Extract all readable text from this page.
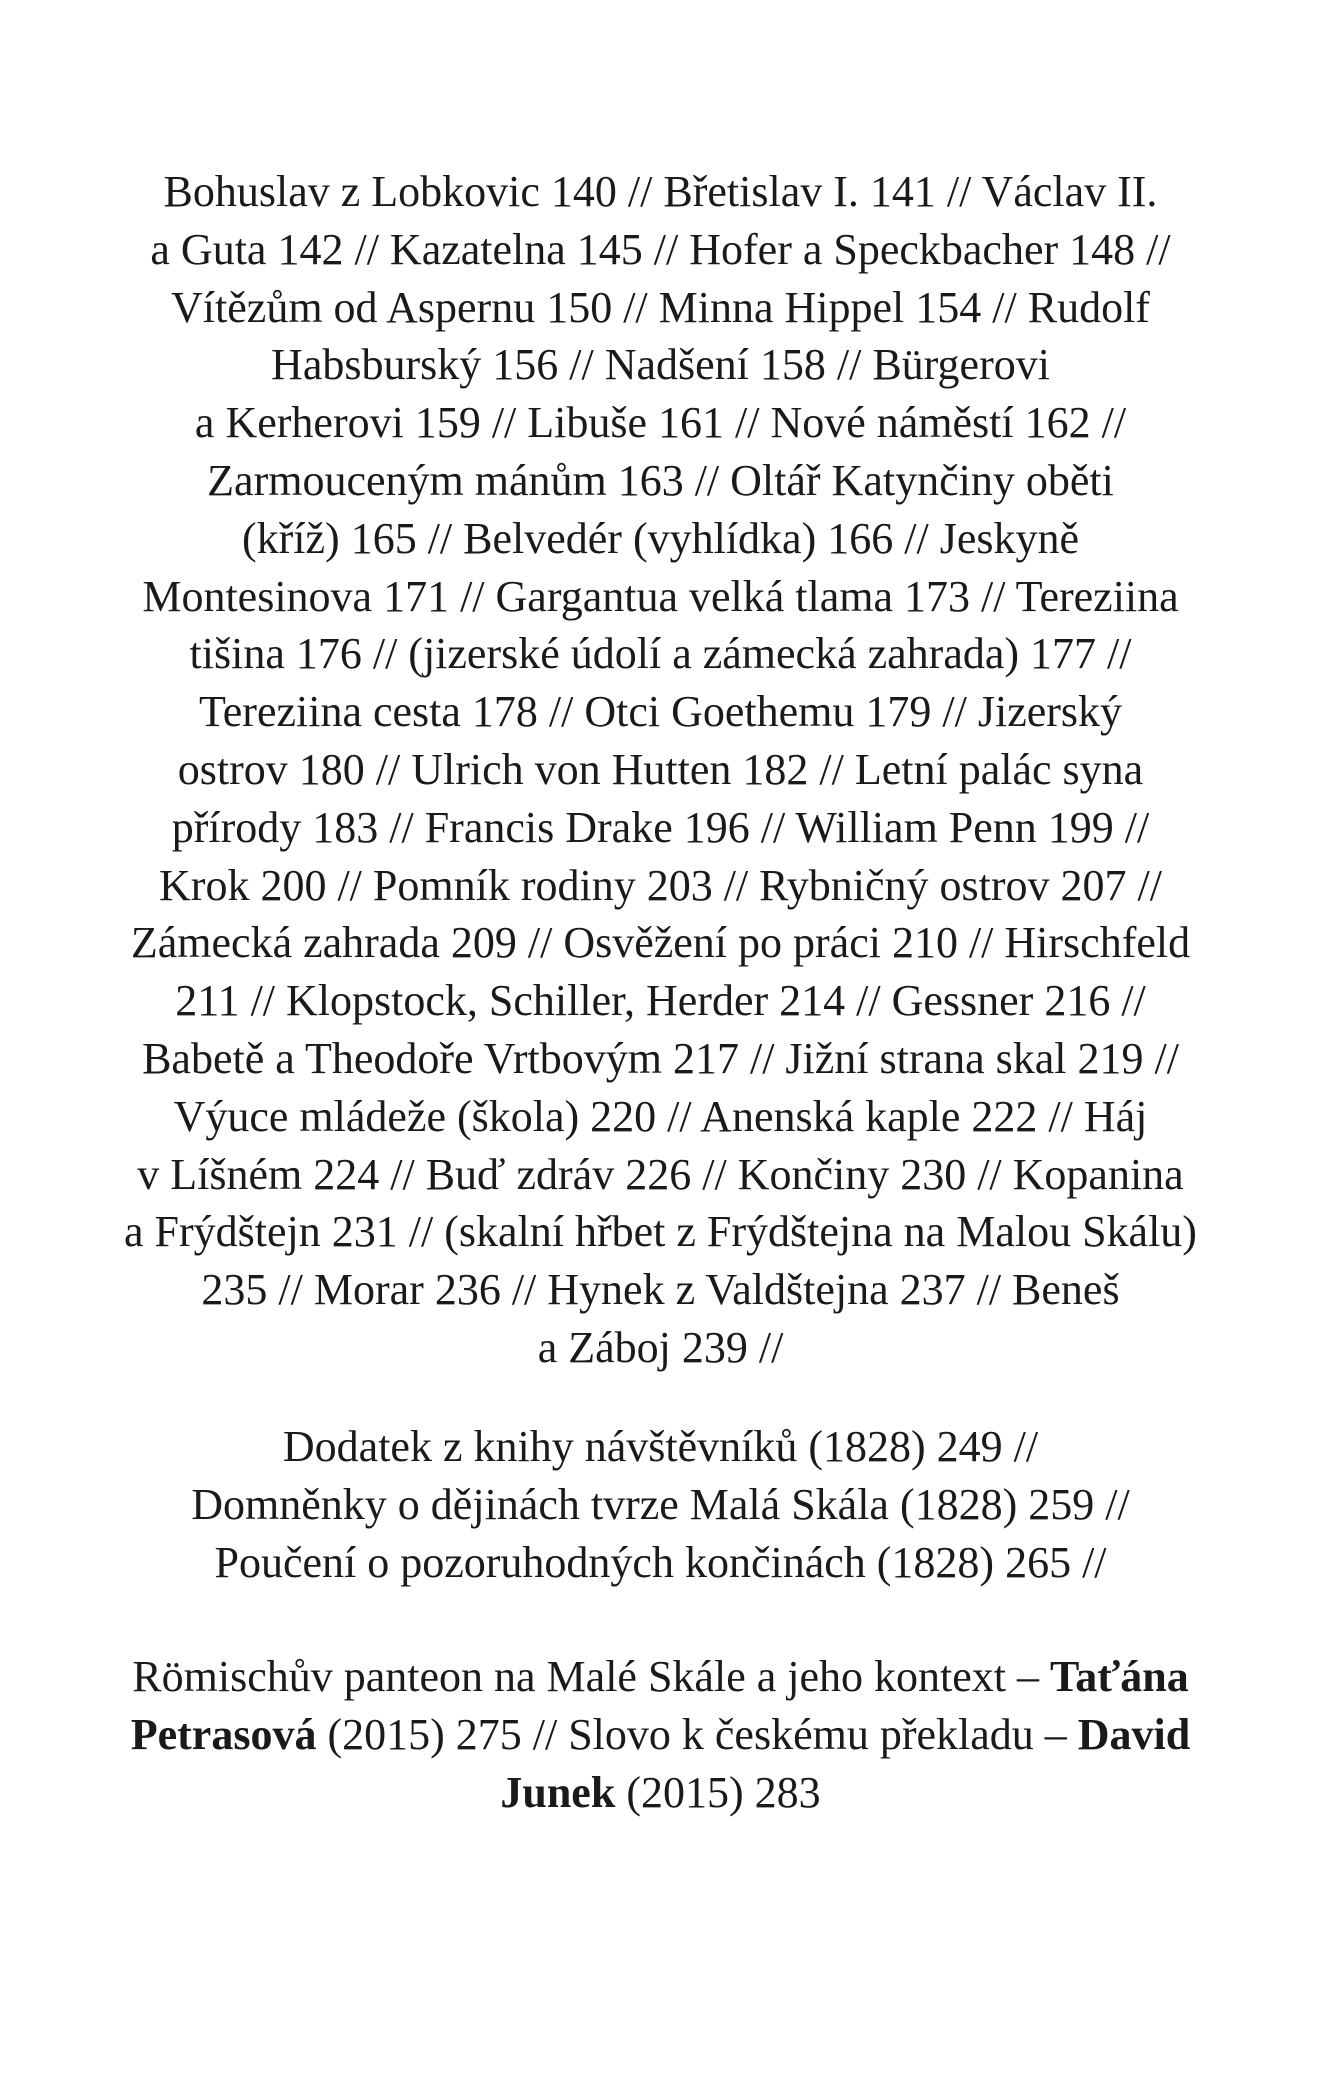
Bohuslav z Lobkovic 140 // Břetislav I. 141 // Václav II.
a Guta 142 // Kazatelna 145 // Hofer a Speckbacher 148 //
Vítězům od Aspernu 150 // Minna Hippel 154 // Rudolf
Habsburský 156 // Nadšení 158 // Bürgerovi
a Kerherovi 159 // Libuše 161 // Nové náměstí 162 //
Zarmouceným mánům 163 // Oltář Katynčiny oběti
(kříž) 165 // Belvedér (vyhlídka) 166 // Jeskyně
Montesinova 171 // Gargantua velká tlama 173 // Tereziina
tišina 176 // (jizerské údolí a zámecká zahrada) 177 //
Tereziina cesta 178 // Otci Goethemu 179 // Jizerský
ostrov 180 // Ulrich von Hutten 182 // Letní palác syna
přírody 183 // Francis Drake 196 // William Penn 199 //
Krok 200 // Pomník rodiny 203 // Rybničný ostrov 207 //
Zámecká zahrada 209 // Osvěžení po práci 210 // Hirschfeld
211 // Klopstock, Schiller, Herder 214 // Gessner 216 //
Babetě a Theodoře Vrtbovým 217 // Jižní strana skal 219 //
Výuce mládeže (škola) 220 // Anenská kaple 222 // Háj
v Líšném 224 // Buď zdráv 226 // Končiny 230 // Kopanina
a Frýdštejn 231 // (skalní hřbet z Frýdštejna na Malou Skálu)
235 // Morar 236 // Hynek z Valdštejna 237 // Beneš
a Záboj 239 //
Dodatek z knihy návštěvníků (1828) 249 //
Domněnky o dějinách tvrze Malá Skála (1828) 259 //
Poučení o pozoruhodných končinách (1828) 265 //
Römischův panteon na Malé Skále a jeho kontext – Taťána
Petrasová (2015) 275 // Slovo k českému překladu – David
Junek (2015) 283
